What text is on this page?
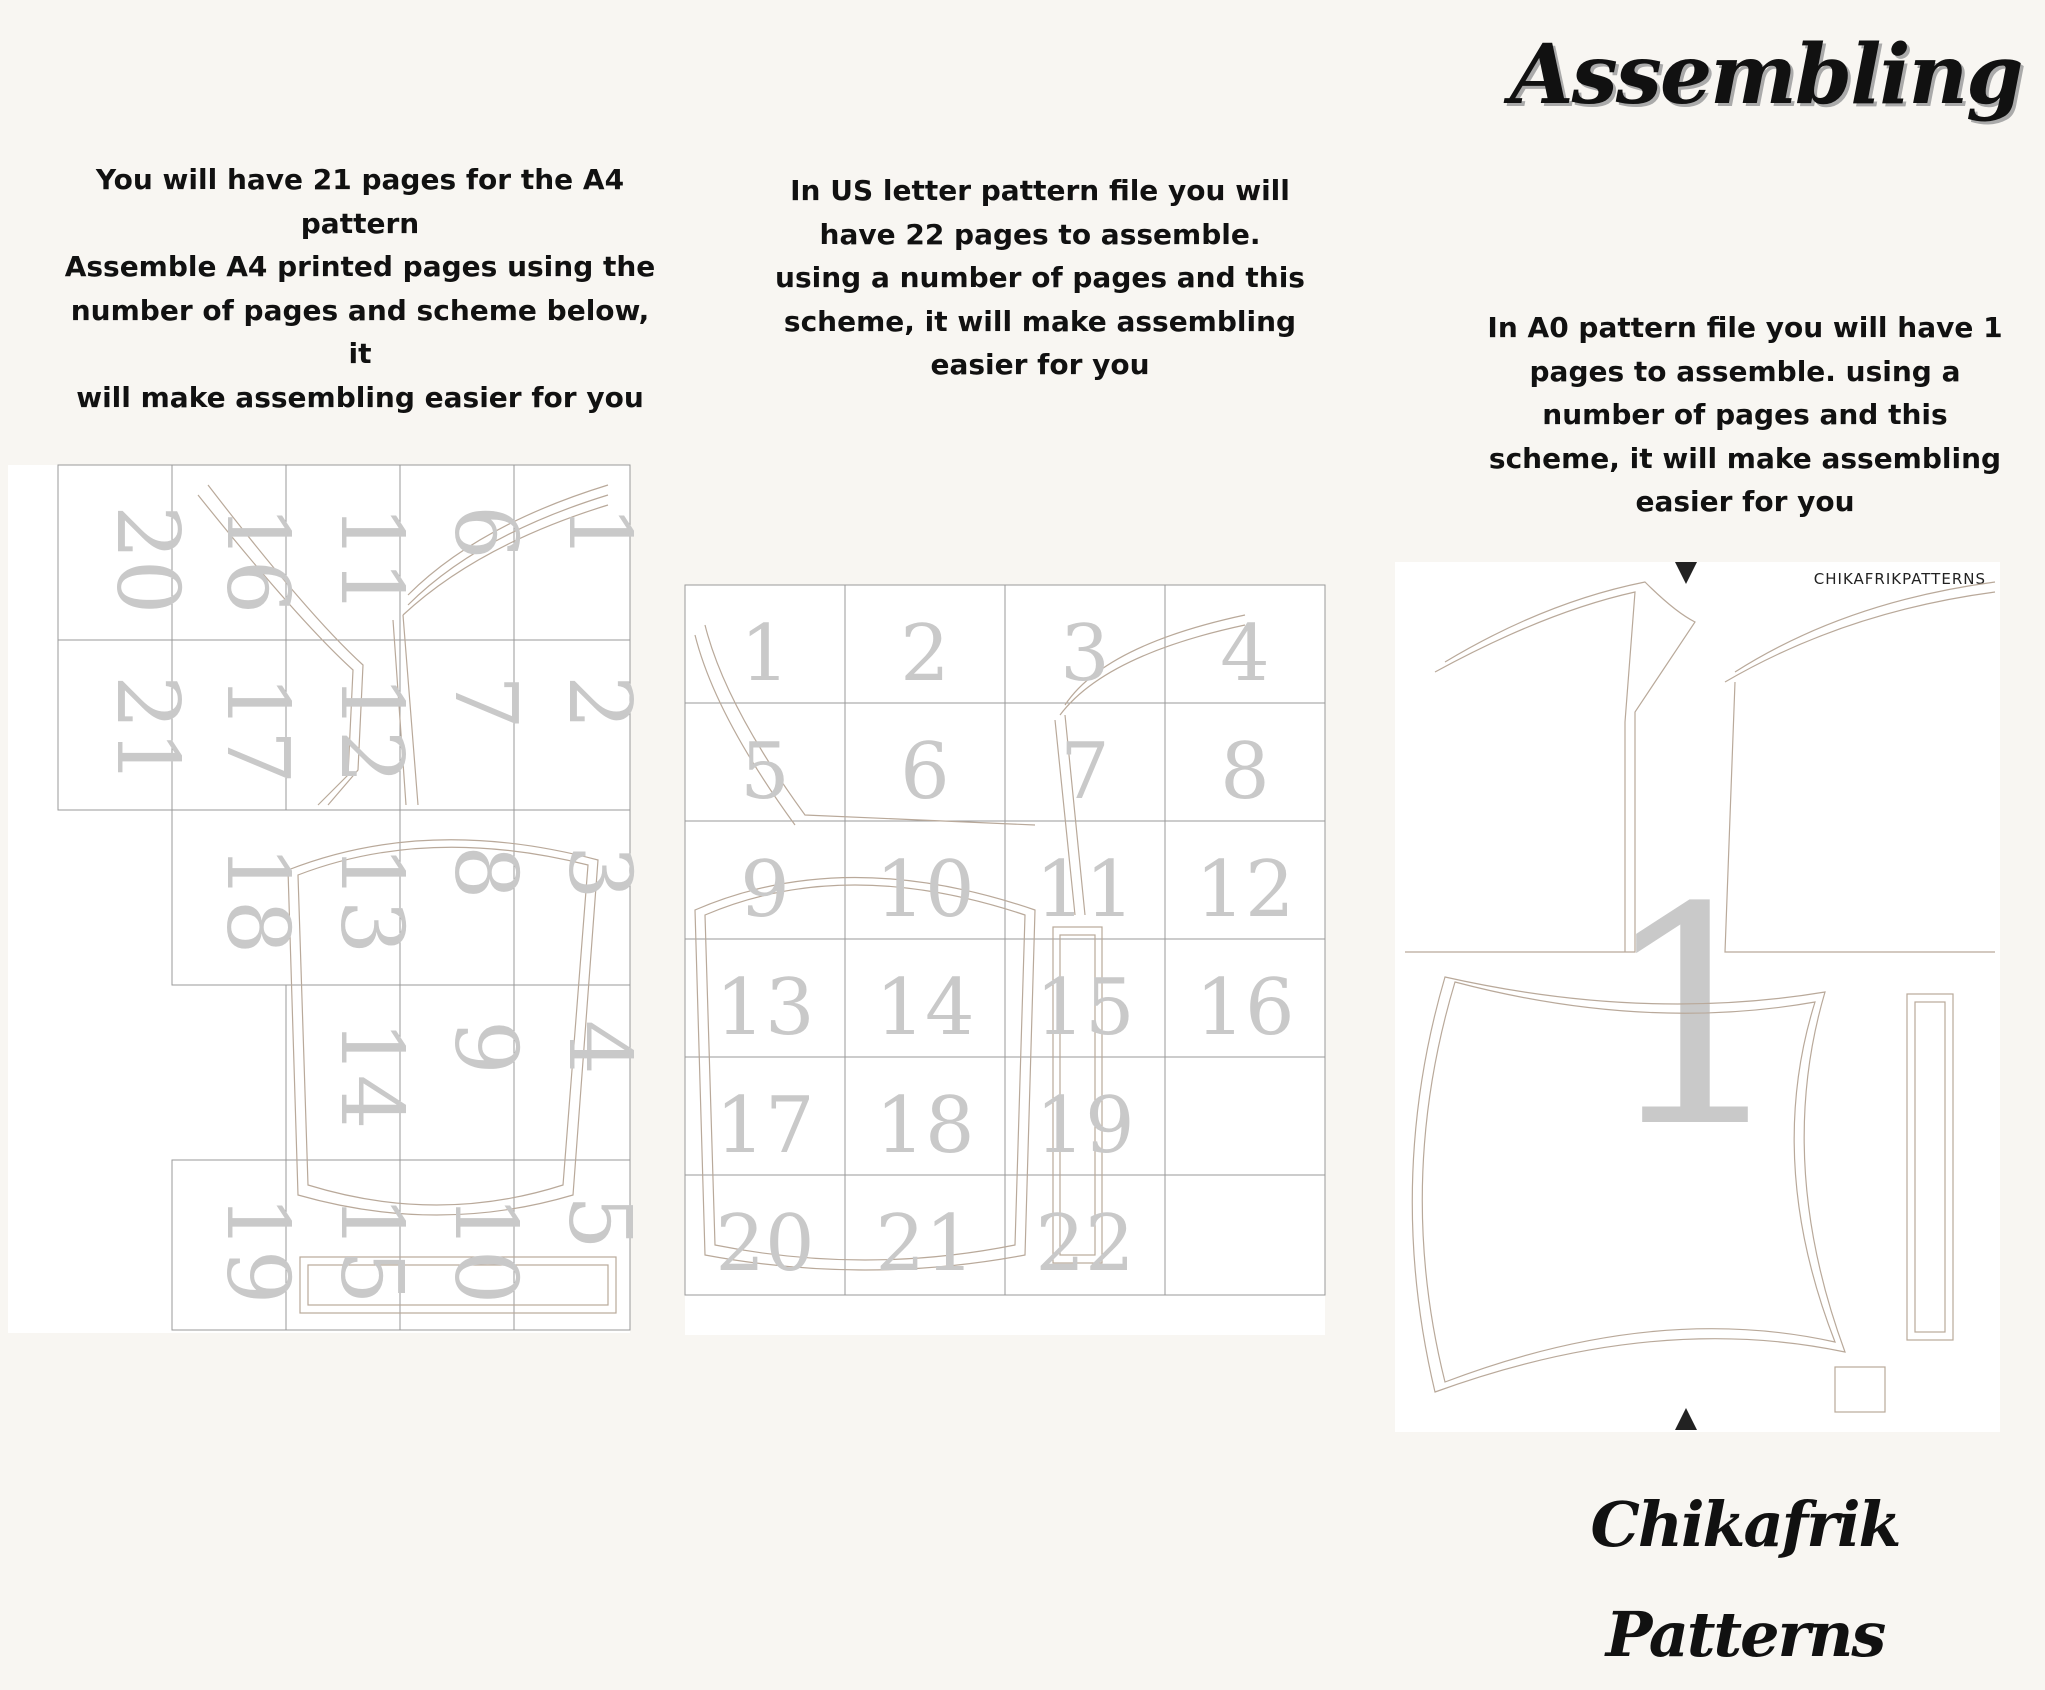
Assembling
You will have 21 pages for the A4
pattern
Assemble A4 printed pages using the
number of pages and scheme below, it
will make assembling easier for you
In US letter pattern file you will
have 22 pages to assemble.
using a number of pages and this
scheme, it will make assembling
easier for you
In A0 pattern file you will have 1
pages to assemble. using a
number of pages and this
scheme, it will make assembling
easier for you
20 16 11 6 1
21 17 12 7 2
18 13 8 3
14 9 4
19 15 10 5
1 2 3 4
5 6 7 8
9 10 11 12
13 14 15 16
17 18 19
20 21 22
CHIKAFRIKPATTERNS
1
Chikafrik Patterns
